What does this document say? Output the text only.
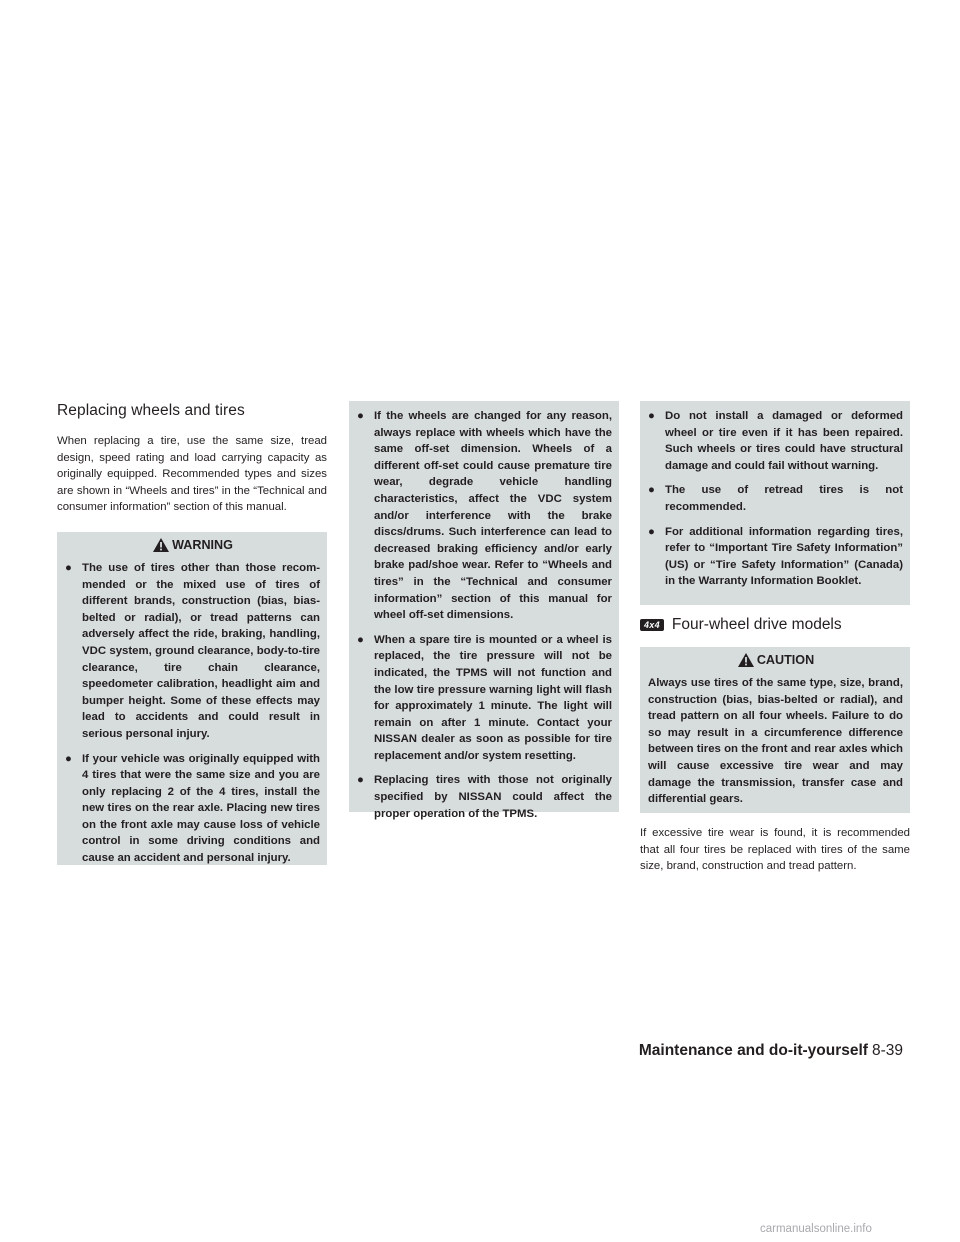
Replacing wheels and tires

When replacing a tire, use the same size, tread design, speed rating and load carrying capacity as originally equipped. Recommended types and sizes are shown in “Wheels and tires” in the “Technical and consumer information” section of this manual.

WARNING
● The use of tires other than those recommended or the mixed use of tires of different brands, construction (bias, bias-belted or radial), or tread patterns can adversely affect the ride, braking, handling, VDC system, ground clearance, body-to-tire clearance, tire chain clearance, speedometer calibration, headlight aim and bumper height. Some of these effects may lead to accidents and could result in serious personal injury.
● If your vehicle was originally equipped with 4 tires that were the same size and you are only replacing 2 of the 4 tires, install the new tires on the rear axle. Placing new tires on the front axle may cause loss of vehicle control in some driving conditions and cause an accident and personal injury.
● If the wheels are changed for any reason, always replace with wheels which have the same off-set dimension. Wheels of a different off-set could cause premature tire wear, degrade vehicle handling characteristics, affect the VDC system and/or interference with the brake discs/drums. Such interference can lead to decreased braking efficiency and/or early brake pad/shoe wear. Refer to “Wheels and tires” in the “Technical and consumer information” section of this manual for wheel off-set dimensions.
● When a spare tire is mounted or a wheel is replaced, the tire pressure will not be indicated, the TPMS will not function and the low tire pressure warning light will flash for approximately 1 minute. The light will remain on after 1 minute. Contact your NISSAN dealer as soon as possible for tire replacement and/or system resetting.
● Replacing tires with those not originally specified by NISSAN could affect the proper operation of the TPMS.
● Do not install a damaged or deformed wheel or tire even if it has been repaired. Such wheels or tires could have structural damage and could fail without warning.
● The use of retread tires is not recommended.
● For additional information regarding tires, refer to “Important Tire Safety Information” (US) or “Tire Safety Information” (Canada) in the Warranty Information Booklet.
4x4 Four-wheel drive models
CAUTION

Always use tires of the same type, size, brand, construction (bias, bias-belted or radial), and tread pattern on all four wheels. Failure to do so may result in a circumference difference between tires on the front and rear axles which will cause excessive tire wear and may damage the transmission, transfer case and differential gears.

If excessive tire wear is found, it is recommended that all four tires be replaced with tires of the same size, brand, construction and tread pattern.

Maintenance and do-it-yourself 8-39
carmanualsonline.info
